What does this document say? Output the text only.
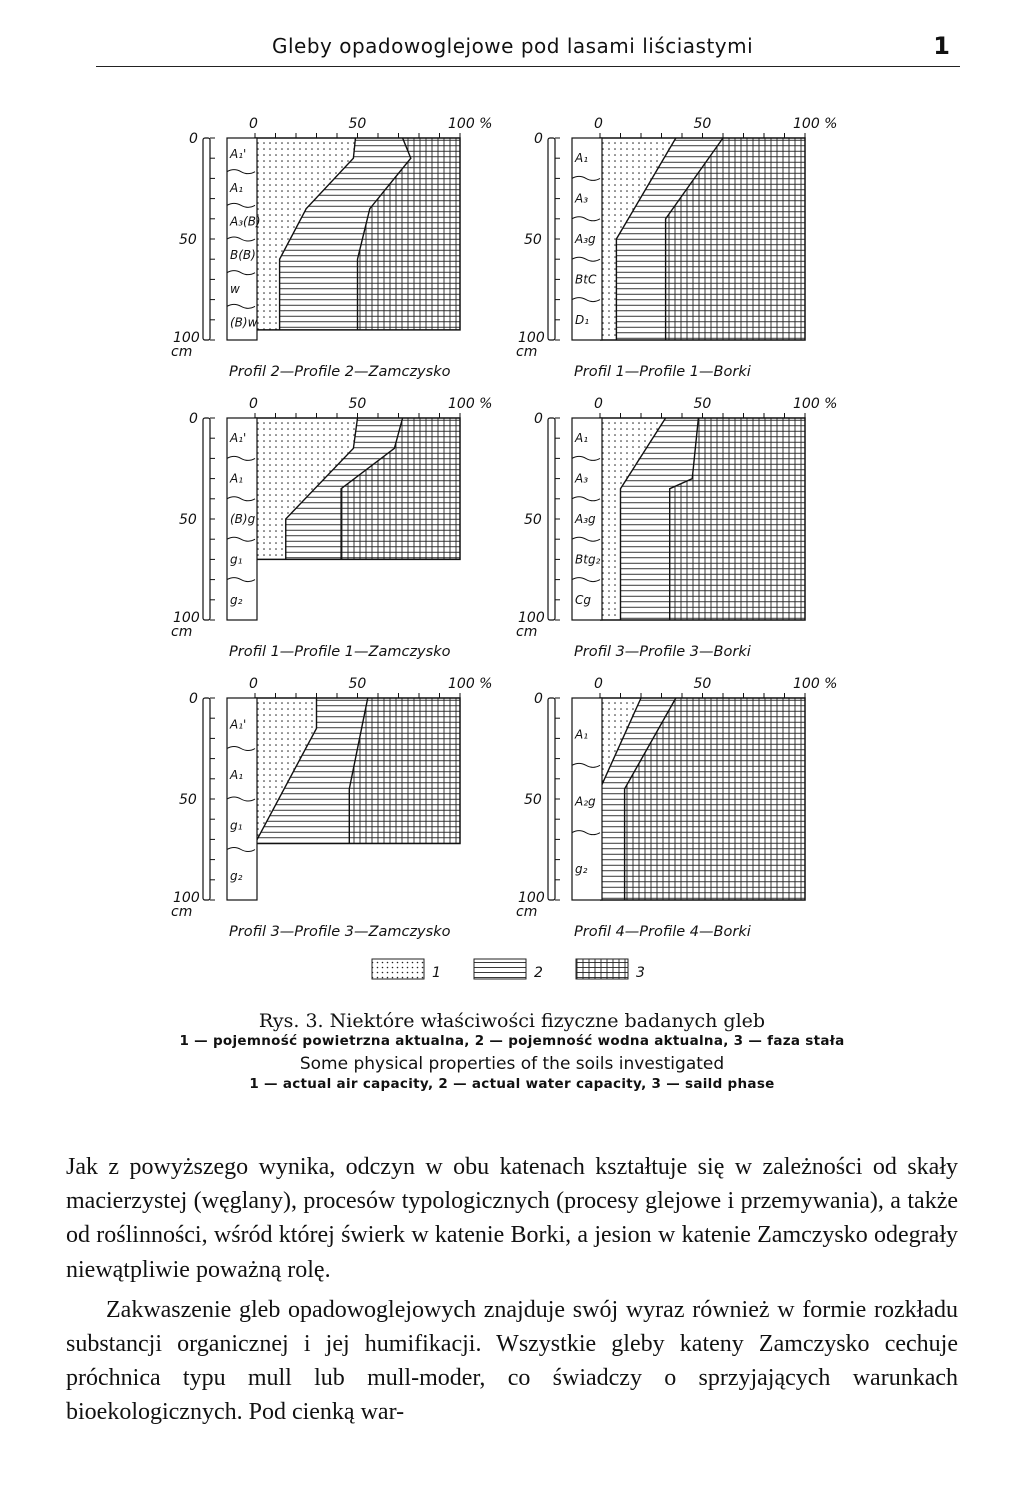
Gleby opadowoglejowe pod lasami liściastymi	1
0	50	100 %
0
50
100
cm
A₁'
A₁
A₃(B)
B(B)
w
(B)w
Profil 2—Profile 2—Zamczysko
0	50	100 %
0
50
100
cm
A₁
A₃
A₃g
BtC
D₁
Profil 1—Profile 1—Borki
0	50	100 %
0
50
100
cm
A₁'
A₁
(B)g
g₁
g₂
Profil 1—Profile 1—Zamczysko
0	50	100 %
0
50
100
cm
A₁
A₃
A₃g
Btg₂
Cg
Profil 3—Profile 3—Borki
0	50	100 %
0
50
100
cm
A₁'
A₁
g₁
g₂
Profil 3—Profile 3—Zamczysko
0	50	100 %
0
50
100
cm
A₁
A₂g
g₂
Profil 4—Profile 4—Borki
1	2	3
Rys. 3. Niektóre właściwości fizyczne badanych gleb
1 — pojemność powietrzna aktualna, 2 — pojemność wodna aktualna, 3 — faza stała
Some physical properties of the soils investigated
1 — actual air capacity, 2 — actual water capacity, 3 — saild phase

Jak z powyższego wynika, odczyn w obu katenach kształtuje się w zależności od skały macierzystej (węglany), procesów typologicznych (procesy glejowe i przemywania), a także od roślinności, wśród której świerk w katenie Borki, a jesion w katenie Zamczysko odegrały niewątpliwie poważną rolę.

Zakwaszenie gleb opadowoglejowych znajduje swój wyraz również w formie rozkładu substancji organicznej i jej humifikacji. Wszystkie gleby kateny Zamczysko cechuje próchnica typu mull lub mull-moder, co świadczy o sprzyjających warunkach bioekologicznych. Pod cienką war-
